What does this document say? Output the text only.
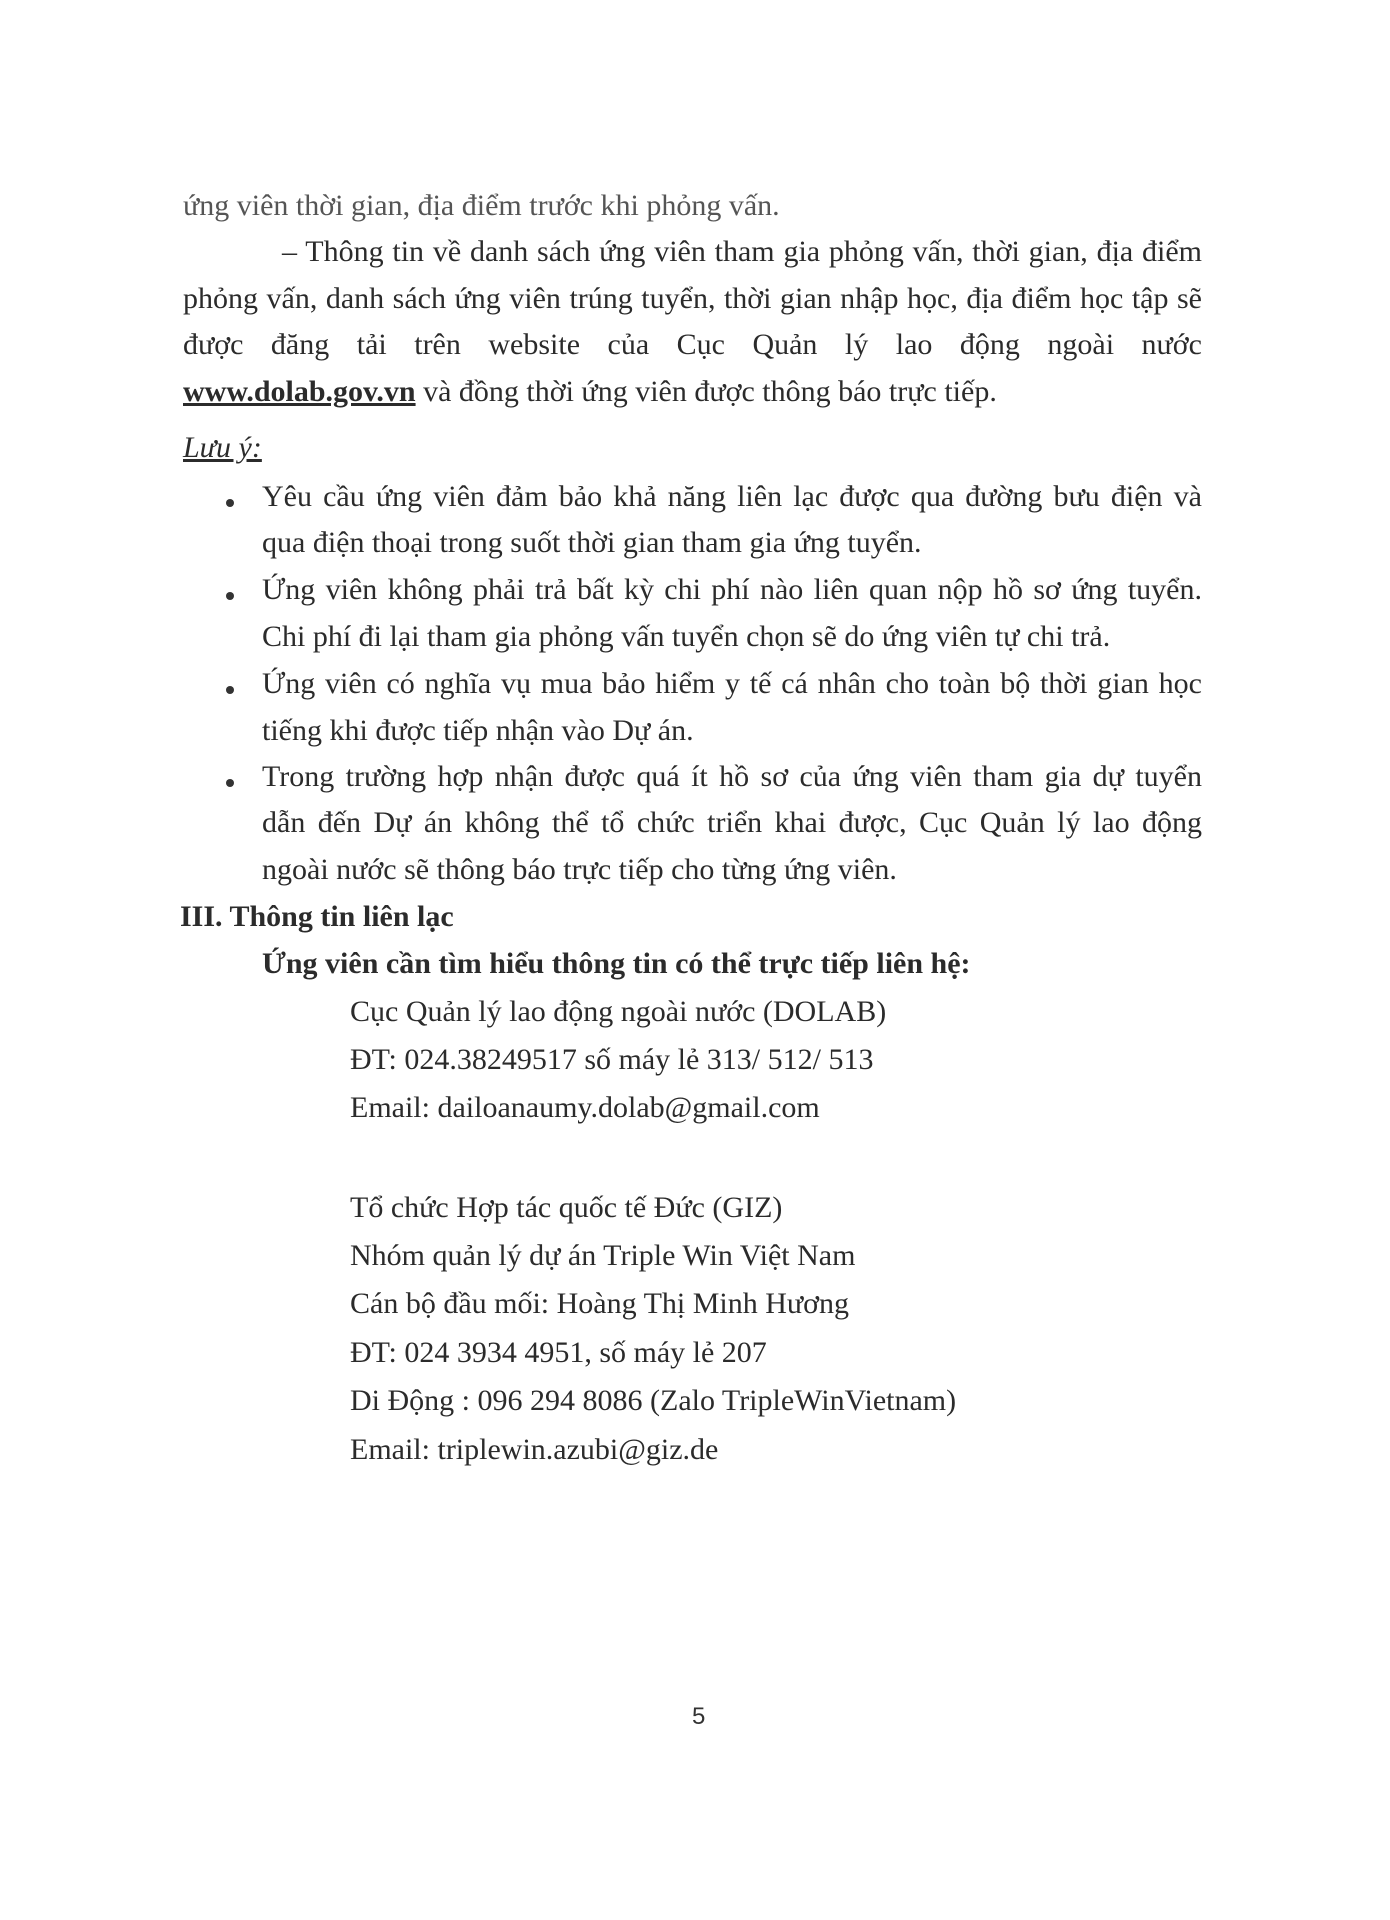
ứng viên thời gian, địa điểm trước khi phỏng vấn.
– Thông tin về danh sách ứng viên tham gia phỏng vấn, thời gian, địa điểm
phỏng vấn, danh sách ứng viên trúng tuyển, thời gian nhập học, địa điểm học tập sẽ
được đăng tải trên website của Cục Quản lý lao động ngoài nước
www.dolab.gov.vn và đồng thời ứng viên được thông báo trực tiếp.
Lưu ý:
Yêu cầu ứng viên đảm bảo khả năng liên lạc được qua đường bưu điện và
qua điện thoại trong suốt thời gian tham gia ứng tuyển.
Ứng viên không phải trả bất kỳ chi phí nào liên quan nộp hồ sơ ứng tuyển.
Chi phí đi lại tham gia phỏng vấn tuyển chọn sẽ do ứng viên tự chi trả.
Ứng viên có nghĩa vụ mua bảo hiểm y tế cá nhân cho toàn bộ thời gian học
tiếng khi được tiếp nhận vào Dự án.
Trong trường hợp nhận được quá ít hồ sơ của ứng viên tham gia dự tuyển
dẫn đến Dự án không thể tổ chức triển khai được, Cục Quản lý lao động
ngoài nước sẽ thông báo trực tiếp cho từng ứng viên.
III. Thông tin liên lạc
Ứng viên cần tìm hiểu thông tin có thể trực tiếp liên hệ:
Cục Quản lý lao động ngoài nước (DOLAB)
ĐT: 024.38249517 số máy lẻ 313/ 512/ 513
Email: dailoanaumy.dolab@gmail.com
Tổ chức Hợp tác quốc tế Đức (GIZ)
Nhóm quản lý dự án Triple Win Việt Nam
Cán bộ đầu mối: Hoàng Thị Minh Hương
ĐT: 024 3934 4951, số máy lẻ 207
Di Động : 096 294 8086 (Zalo TripleWinVietnam)
Email: triplewin.azubi@giz.de
5
